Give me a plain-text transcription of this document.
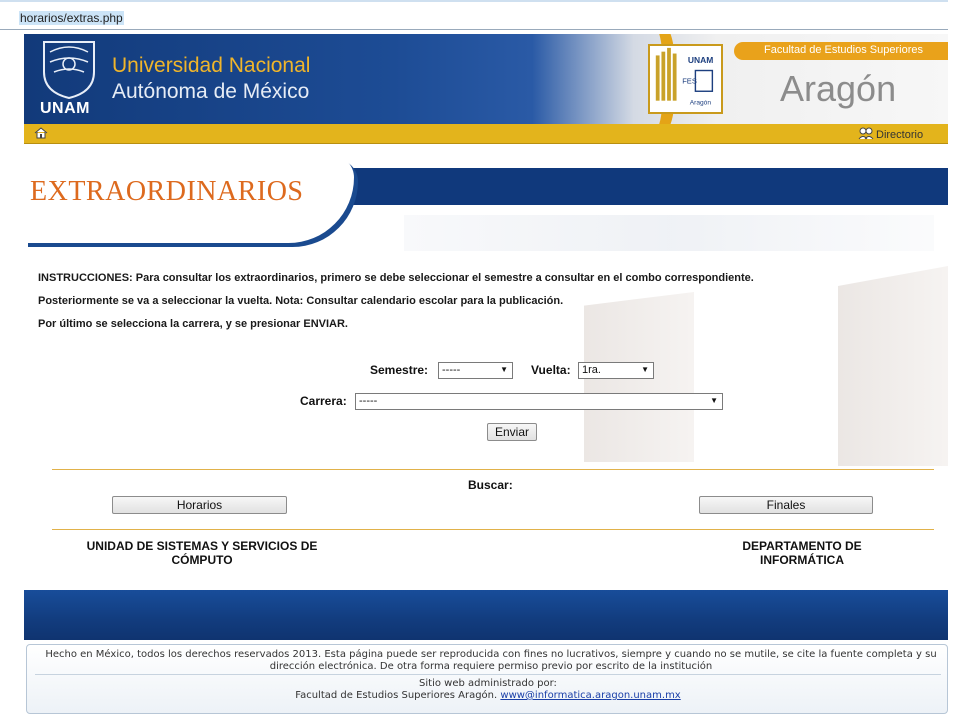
horarios/extras.php
UNAM
Universidad Nacional
Autónoma de México
UNAM
FES
Aragón
Facultad de Estudios Superiores
Aragón
Directorio
EXTRAORDINARIOS
INSTRUCCIONES: Para consultar los extraordinarios, primero se debe seleccionar el semestre a consultar en el combo correspondiente.
Posteriormente se va a seleccionar la vuelta. Nota: Consultar calendario escolar para la publicación.
Por último se selecciona la carrera, y se presionar ENVIAR.
Semestre:	-----	▼ Vuelta:	1ra.	▼
Carrera:	-----	▼
Enviar
Buscar:
Horarios	Finales
UNIDAD DE SISTEMAS Y SERVICIOS DE CÓMPUTO
DEPARTAMENTO DE INFORMÁTICA
Hecho en México, todos los derechos reservados 2013. Esta página puede ser reproducida con fines no lucrativos, siempre y cuando no se mutile, se cite la fuente completa y su dirección electrónica. De otra forma requiere permiso previo por escrito de la institución
Sitio web administrado por:
Facultad de Estudios Superiores Aragón. www@informatica.aragon.unam.mx
